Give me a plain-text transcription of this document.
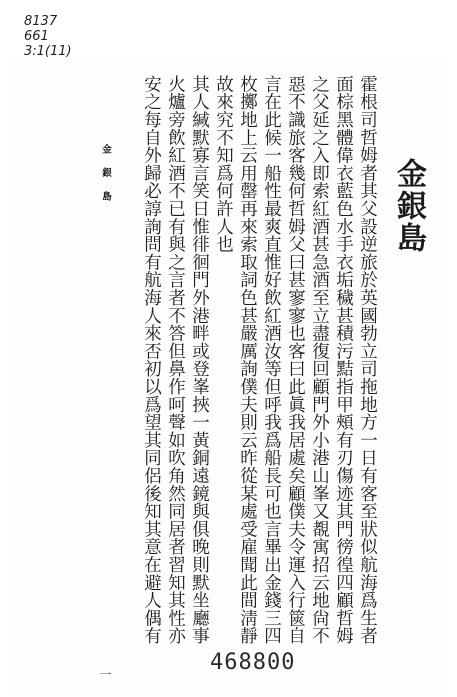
8137
661
3:1(11)
金銀島
霍根司哲姆者其父設逆旅於英國勃立司拖地方一日有客至狀似航海爲生者
面棕黑體偉衣藍色水手衣垢穢甚積污黠指甲頰有刃傷迹其門徬徨四顧哲姆
之父延之入即索紅酒甚急酒至立盡復回顧門外小港山峯又覩寓招云地尙不
惡不識旅客幾何哲姆父曰甚寥寥也客曰此眞我居處矣顧僕夫令運入行篋自
言在此候一船性最爽直惟好飲紅酒汝等但呼我爲船長可也言畢出金錢三四
枚擲地上云用罄再來索取詞色甚嚴厲詢僕夫則云昨從某處受雇聞此間淸靜
故來究不知爲何許人也
其人緘默寡言笑日惟徘徊門外港畔或登峯挾一黃銅遠鏡與俱晚則默坐廳事
火爐旁飲紅酒不已有與之言者不答但鼻作呵聲如吹角然同居者習知其性亦
安之每自外歸必諄詢問有航海人來否初以爲望其同侶後知其意在避人偶有
金銀島
一	468800
